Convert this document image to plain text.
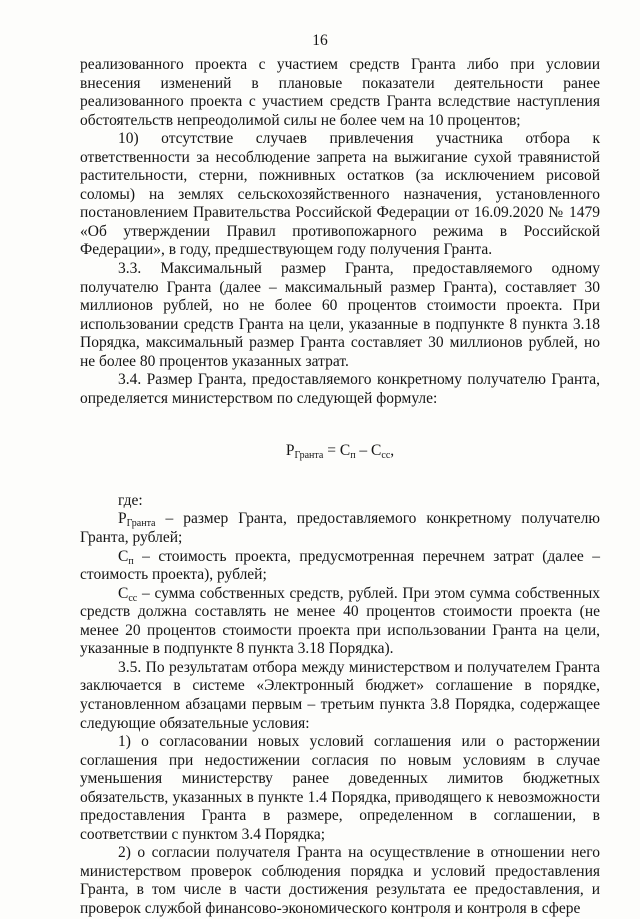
16

реализованного проекта с участием средств Гранта либо при условии внесения изменений в плановые показатели деятельности ранее реализованного проекта с участием средств Гранта вследствие наступления обстоятельств непреодолимой силы не более чем на 10 процентов;

10) отсутствие случаев привлечения участника отбора к ответственности за несоблюдение запрета на выжигание сухой травянистой растительности, стерни, пожнивных остатков (за исключением рисовой соломы) на землях сельскохозяйственного назначения, установленного постановлением Правительства Российской Федерации от 16.09.2020 № 1479 «Об утверждении Правил противопожарного режима в Российской Федерации», в году, предшествующем году получения Гранта.

3.3. Максимальный размер Гранта, предоставляемого одному получателю Гранта (далее – максимальный размер Гранта), составляет 30 миллионов рублей, но не более 60 процентов стоимости проекта. При использовании средств Гранта на цели, указанные в подпункте 8 пункта 3.18 Порядка, максимальный размер Гранта составляет 30 миллионов рублей, но не более 80 процентов указанных затрат.

3.4. Размер Гранта, предоставляемого конкретному получателю Гранта, определяется министерством по следующей формуле:

$P_{Гранта} = С_п - С_{сс}$,

где:

$P_{Гранта}$ – размер Гранта, предоставляемого конкретному получателю Гранта, рублей;

$С_п$ – стоимость проекта, предусмотренная перечнем затрат (далее – стоимость проекта), рублей;

$С_{сс}$ – сумма собственных средств, рублей. При этом сумма собственных средств должна составлять не менее 40 процентов стоимости проекта (не менее 20 процентов стоимости проекта при использовании Гранта на цели, указанные в подпункте 8 пункта 3.18 Порядка).

3.5. По результатам отбора между министерством и получателем Гранта заключается в системе «Электронный бюджет» соглашение в порядке, установленном абзацами первым – третьим пункта 3.8 Порядка, содержащее следующие обязательные условия:

1) о согласовании новых условий соглашения или о расторжении соглашения при недостижении согласия по новым условиям в случае уменьшения министерству ранее доведенных лимитов бюджетных обязательств, указанных в пункте 1.4 Порядка, приводящего к невозможности предоставления Гранта в размере, определенном в соглашении, в соответствии с пунктом 3.4 Порядка;

2) о согласии получателя Гранта на осуществление в отношении него министерством проверок соблюдения порядка и условий предоставления Гранта, в том числе в части достижения результата ее предоставления, и проверок службой финансово-экономического контроля и контроля в сфере
